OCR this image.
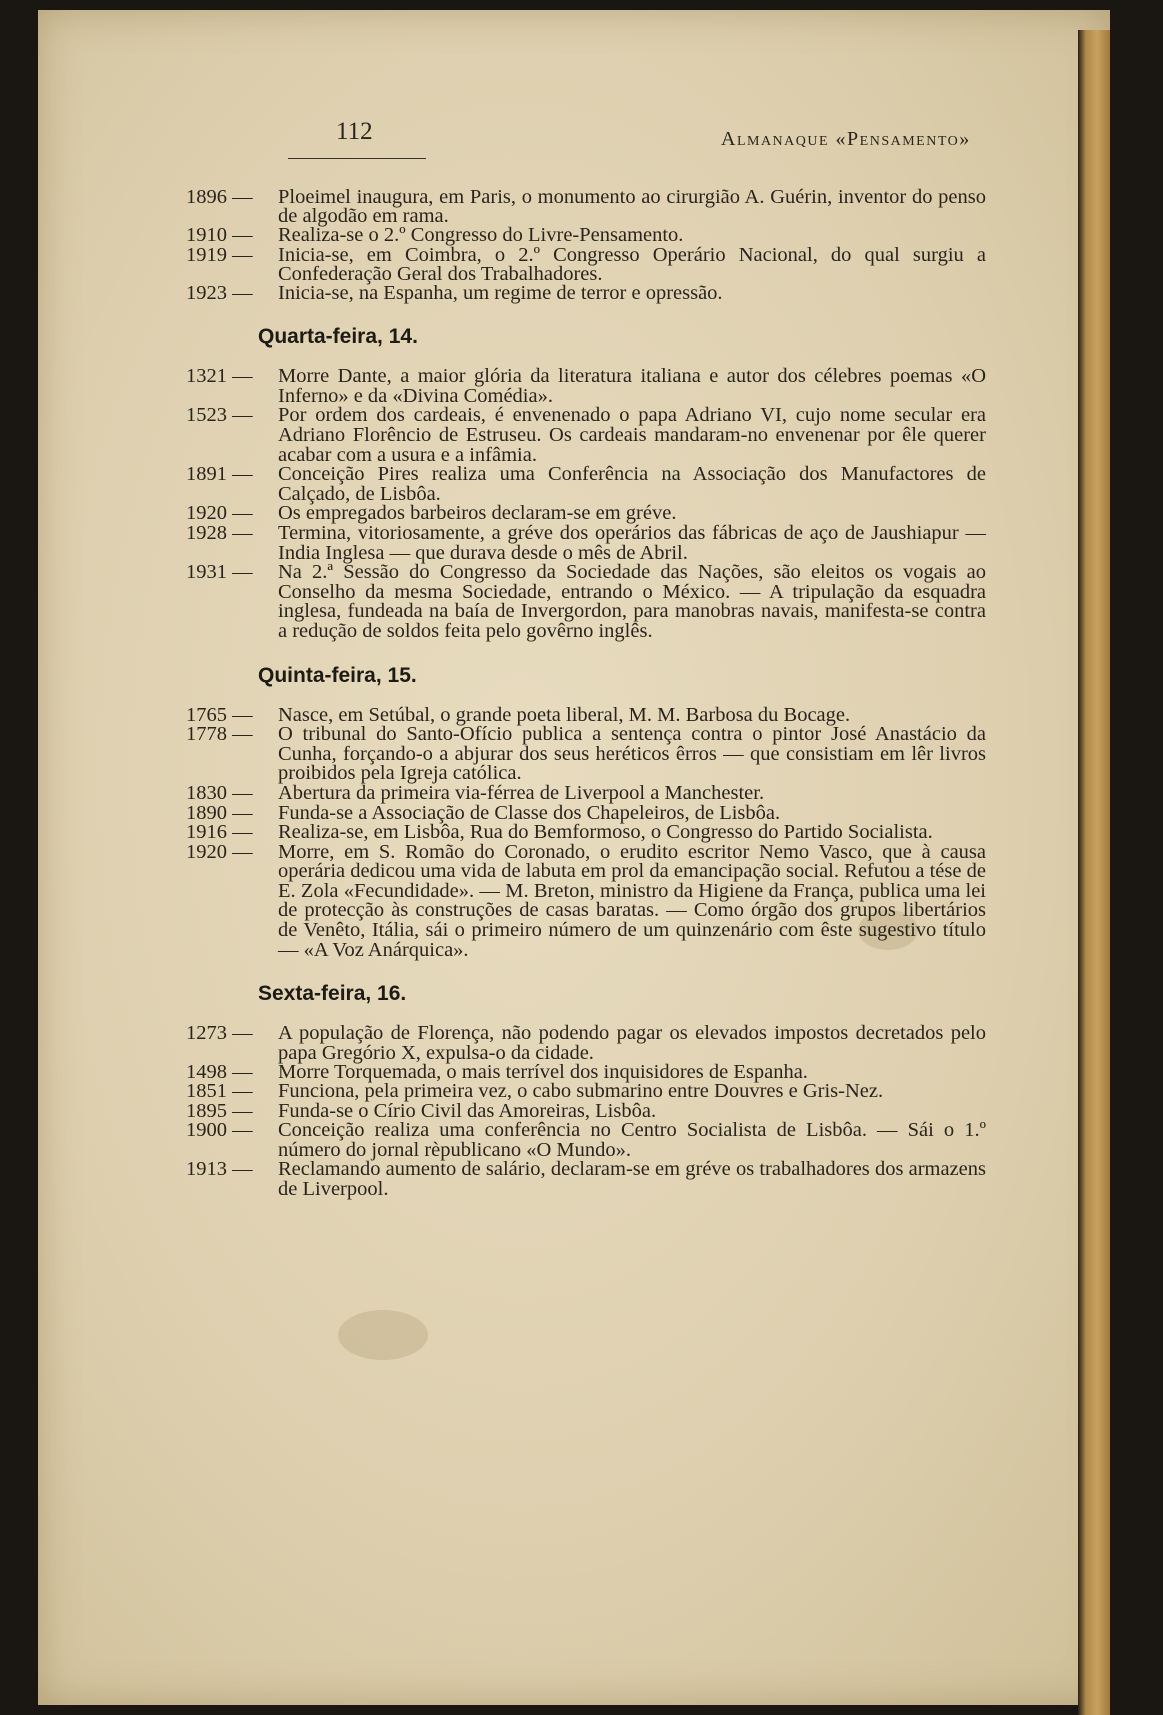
112	Almanaque «Pensamento»
1896 —	Ploeimel inaugura, em Paris, o monumento ao cirurgião A. Guérin, inventor do penso de algodão em rama.
1910 —	Realiza-se o 2.º Congresso do Livre-Pensamento.
1919 —	Inicia-se, em Coimbra, o 2.º Congresso Operário Nacional, do qual surgiu a Confederação Geral dos Trabalhadores.
1923 —	Inicia-se, na Espanha, um regime de terror e opressão.
Quarta-feira, 14.
1321 —	Morre Dante, a maior glória da literatura italiana e autor dos célebres poemas «O Inferno» e da «Divina Comédia».
1523 —	Por ordem dos cardeais, é envenenado o papa Adriano VI, cujo nome secular era Adriano Florêncio de Estruseu. Os cardeais mandaram-no envenenar por êle querer acabar com a usura e a infâmia.
1891 —	Conceição Pires realiza uma Conferência na Associação dos Manufactores de Calçado, de Lisbôa.
1920 —	Os empregados barbeiros declaram-se em gréve.
1928 —	Termina, vitoriosamente, a gréve dos operários das fábricas de aço de Jaushiapur — India Inglesa — que durava desde o mês de Abril.
1931 —	Na 2.ª Sessão do Congresso da Sociedade das Nações, são eleitos os vogais ao Conselho da mesma Sociedade, entrando o México. — A tripulação da esquadra inglesa, fundeada na baía de Invergordon, para manobras navais, manifesta-se contra a redução de soldos feita pelo govêrno inglês.
Quinta-feira, 15.
1765 —	Nasce, em Setúbal, o grande poeta liberal, M. M. Barbosa du Bocage.
1778 —	O tribunal do Santo-Ofício publica a sentença contra o pintor José Anastácio da Cunha, forçando-o a abjurar dos seus heréticos êrros — que consistiam em lêr livros proibidos pela Igreja católica.
1830 —	Abertura da primeira via-férrea de Liverpool a Manchester.
1890 —	Funda-se a Associação de Classe dos Chapeleiros, de Lisbôa.
1916 —	Realiza-se, em Lisbôa, Rua do Bemformoso, o Congresso do Partido Socialista.
1920 —	Morre, em S. Romão do Coronado, o erudito escritor Nemo Vasco, que à causa operária dedicou uma vida de labuta em prol da emancipação social. Refutou a tése de E. Zola «Fecundidade». — M. Breton, ministro da Higiene da França, publica uma lei de protecção às construções de casas baratas. — Como órgão dos grupos libertários de Venêto, Itália, sái o primeiro número de um quinzenário com êste sugestivo título — «A Voz Anárquica».
Sexta-feira, 16.
1273 —	A população de Florença, não podendo pagar os elevados impostos decretados pelo papa Gregório X, expulsa-o da cidade.
1498 —	Morre Torquemada, o mais terrível dos inquisidores de Espanha.
1851 —	Funciona, pela primeira vez, o cabo submarino entre Douvres e Gris-Nez.
1895 —	Funda-se o Círio Civil das Amoreiras, Lisbôa.
1900 —	Conceição realiza uma conferência no Centro Socialista de Lisbôa. — Sái o 1.º número do jornal rèpublicano «O Mundo».
1913 —	Reclamando aumento de salário, declaram-se em gréve os trabalhadores dos armazens de Liverpool.
